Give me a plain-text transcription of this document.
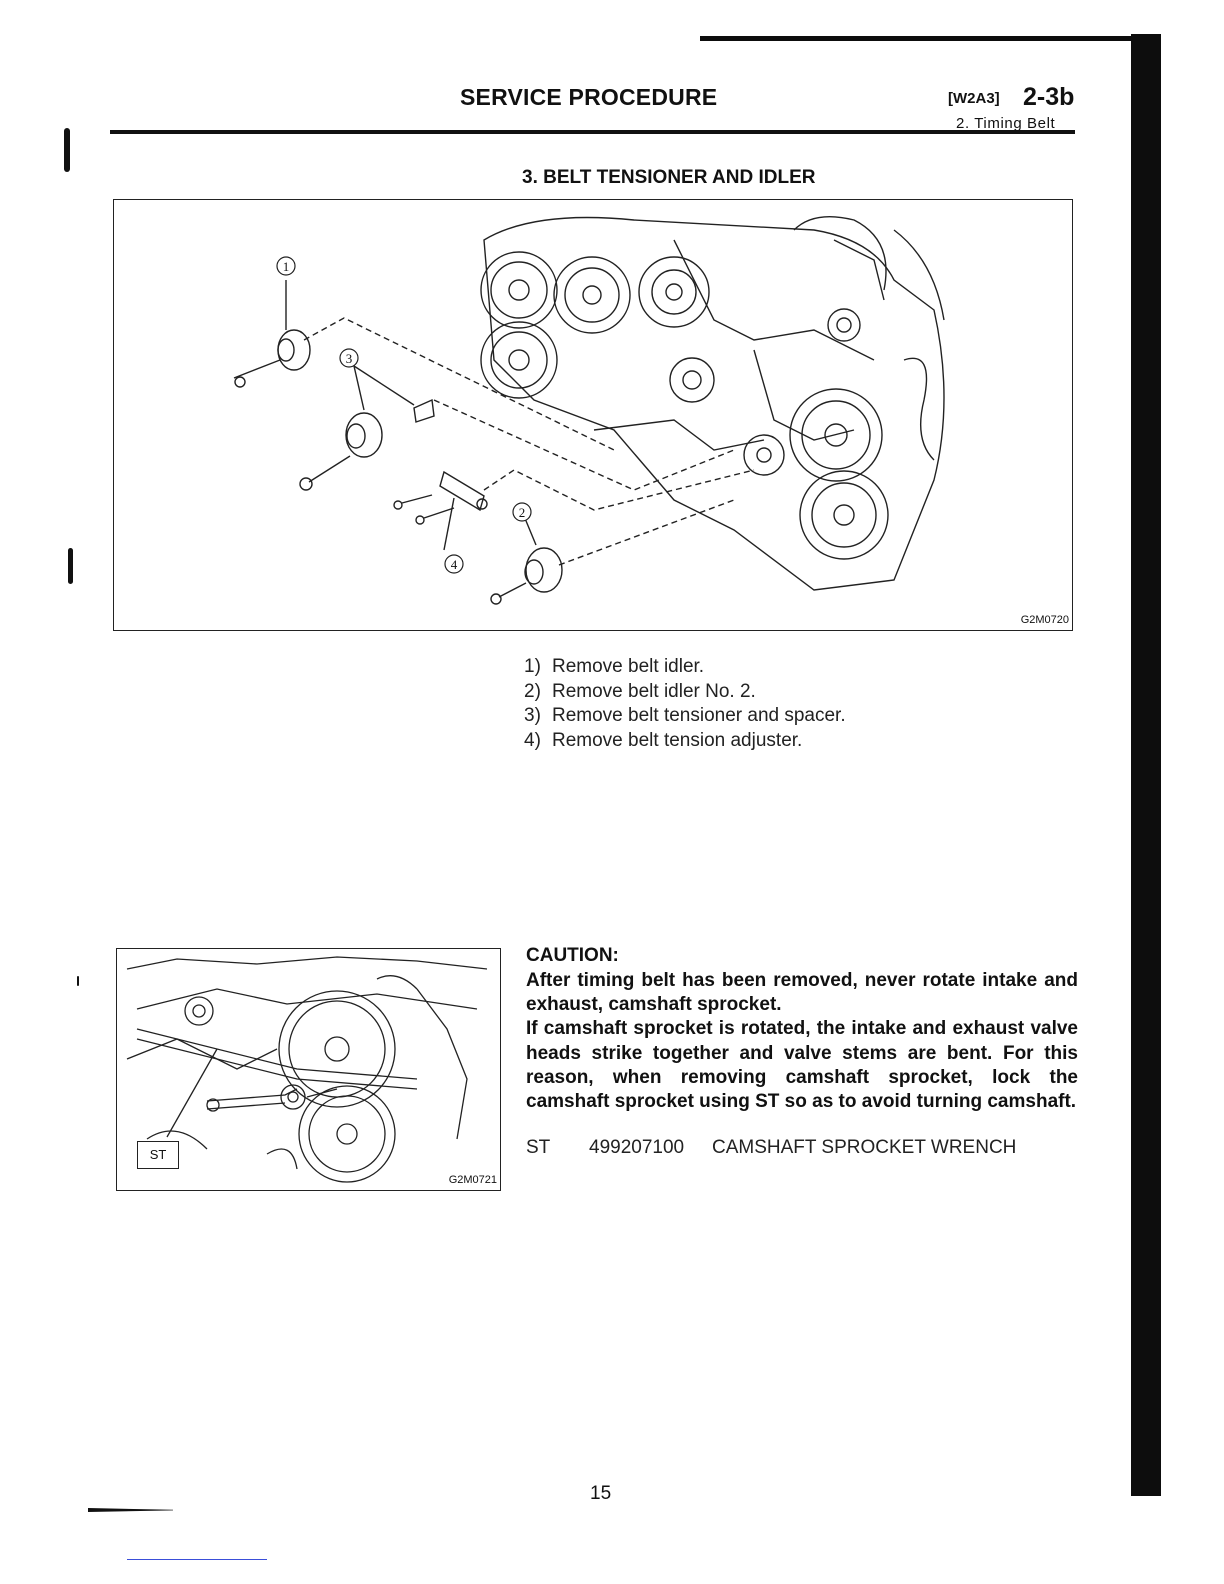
SERVICE PROCEDURE	[W2A3] 2-3b
2. Timing Belt
3. BELT TENSIONER AND IDLER
1
2
3
4
G2M0720
1) Remove belt idler.
2) Remove belt idler No. 2.
3) Remove belt tensioner and spacer.
4) Remove belt tension adjuster.
ST
G2M0721
CAUTION:

After timing belt has been removed, never rotate intake and exhaust, camshaft sprocket.

If camshaft sprocket is rotated, the intake and exhaust valve heads strike together and valve stems are bent. For this reason, when removing camshaft sprocket, lock the camshaft sprocket using ST so as to avoid turning camshaft.

ST 499207100 CAMSHAFT SPROCKET WRENCH
15
